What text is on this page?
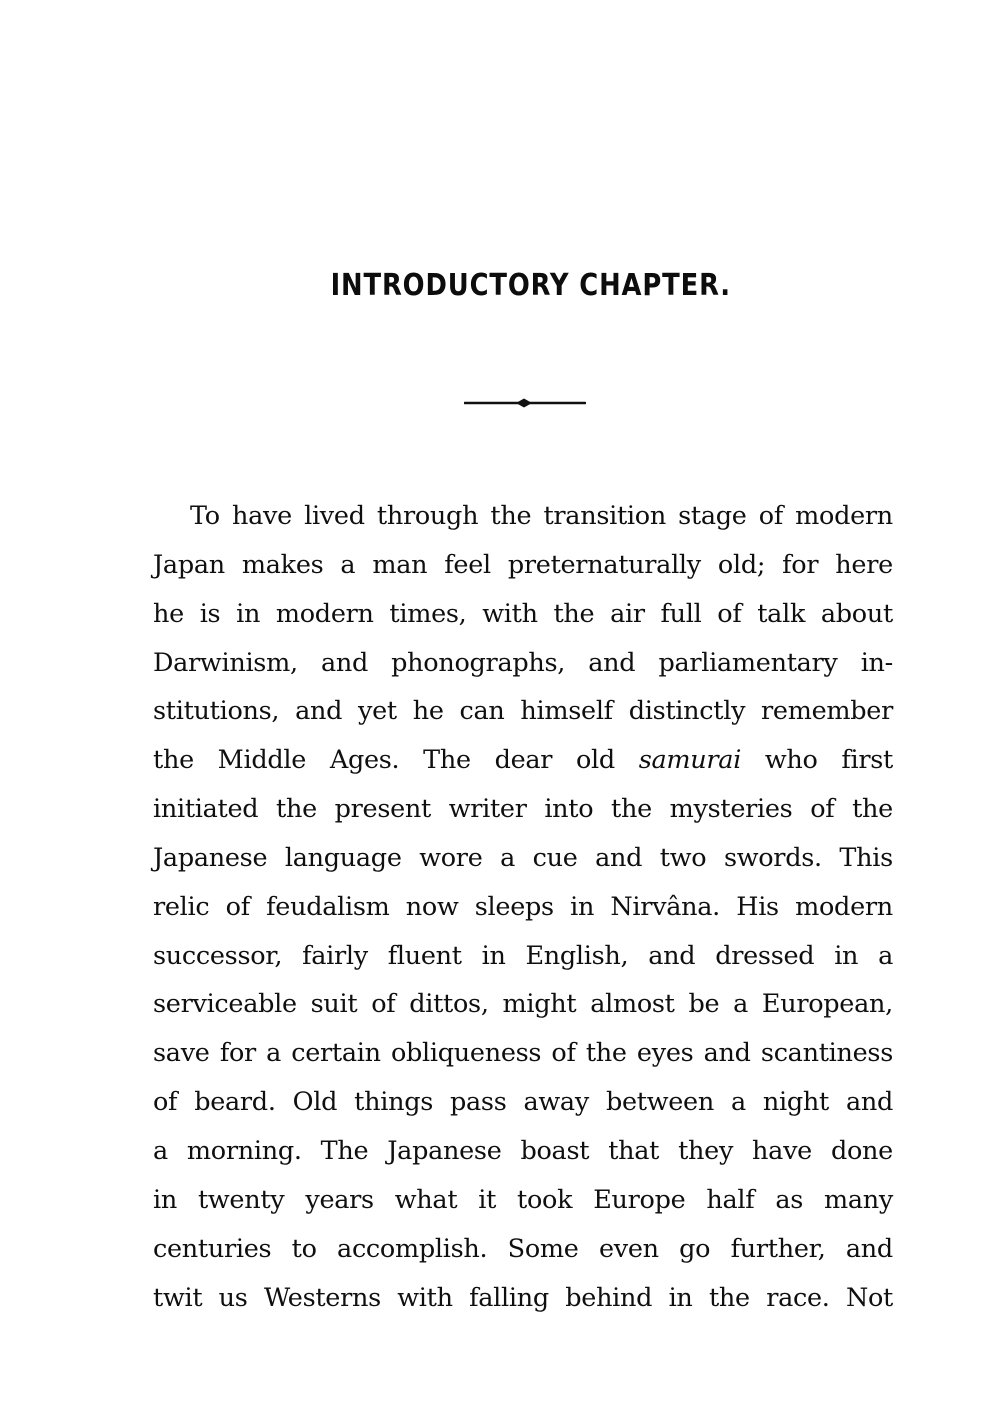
INTRODUCTORY CHAPTER.
To have lived through the transition stage of modern
Japan makes a man feel preternaturally old; for here
he is in modern times, with the air full of talk about
Darwinism, and phonographs, and parliamentary in-
stitutions, and yet he can himself distinctly remember
the Middle Ages. The dear old samurai who first
initiated the present writer into the mysteries of the
Japanese language wore a cue and two swords. This
relic of feudalism now sleeps in Nirvâna. His modern
successor, fairly fluent in English, and dressed in a
serviceable suit of dittos, might almost be a European,
save for a certain obliqueness of the eyes and scantiness
of beard. Old things pass away between a night and
a morning. The Japanese boast that they have done
in twenty years what it took Europe half as many
centuries to accomplish. Some even go further, and
twit us Westerns with falling behind in the race. Not
